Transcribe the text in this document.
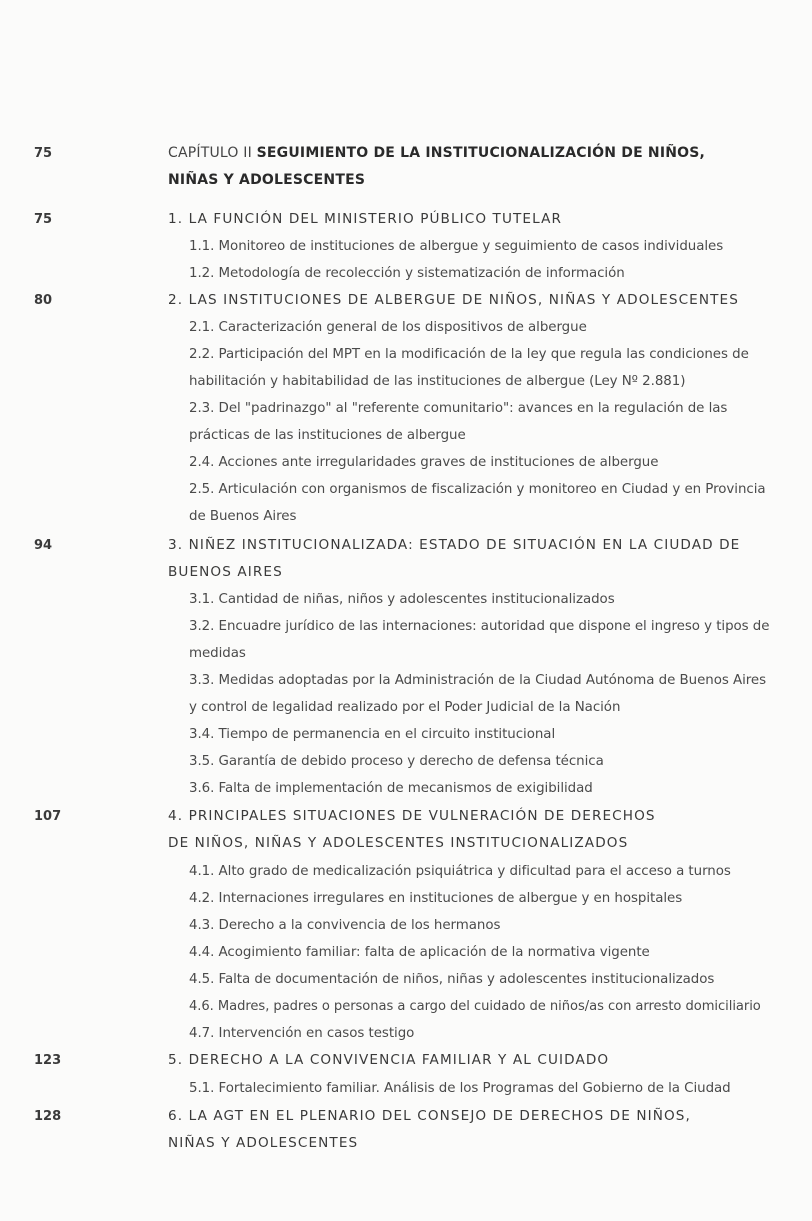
75	CAPÍTULO II SEGUIMIENTO DE LA INSTITUCIONALIZACIÓN DE NIÑOS,
NIÑAS Y ADOLESCENTES
75	1. LA FUNCIÓN DEL MINISTERIO PÚBLICO TUTELAR
1.1. Monitoreo de instituciones de albergue y seguimiento de casos individuales
1.2. Metodología de recolección y sistematización de información
80	2. LAS INSTITUCIONES DE ALBERGUE DE NIÑOS, NIÑAS Y ADOLESCENTES
2.1. Caracterización general de los dispositivos de albergue
2.2. Participación del MPT en la modificación de la ley que regula las condiciones de
habilitación y habitabilidad de las instituciones de albergue (Ley Nº 2.881)
2.3. Del "padrinazgo" al "referente comunitario": avances en la regulación de las
prácticas de las instituciones de albergue
2.4. Acciones ante irregularidades graves de instituciones de albergue
2.5. Articulación con organismos de fiscalización y monitoreo en Ciudad y en Provincia
de Buenos Aires
94	3. NIÑEZ INSTITUCIONALIZADA: ESTADO DE SITUACIÓN EN LA CIUDAD DE
BUENOS AIRES
3.1. Cantidad de niñas, niños y adolescentes institucionalizados
3.2. Encuadre jurídico de las internaciones: autoridad que dispone el ingreso y tipos de
medidas
3.3. Medidas adoptadas por la Administración de la Ciudad Autónoma de Buenos Aires
y control de legalidad realizado por el Poder Judicial de la Nación
3.4. Tiempo de permanencia en el circuito institucional
3.5. Garantía de debido proceso y derecho de defensa técnica
3.6. Falta de implementación de mecanismos de exigibilidad
107	4. PRINCIPALES SITUACIONES DE VULNERACIÓN DE DERECHOS
DE NIÑOS, NIÑAS Y ADOLESCENTES INSTITUCIONALIZADOS
4.1. Alto grado de medicalización psiquiátrica y dificultad para el acceso a turnos
4.2. Internaciones irregulares en instituciones de albergue y en hospitales
4.3. Derecho a la convivencia de los hermanos
4.4. Acogimiento familiar: falta de aplicación de la normativa vigente
4.5. Falta de documentación de niños, niñas y adolescentes institucionalizados
4.6. Madres, padres o personas a cargo del cuidado de niños/as con arresto domiciliario
4.7. Intervención en casos testigo
123	5. DERECHO A LA CONVIVENCIA FAMILIAR Y AL CUIDADO
5.1. Fortalecimiento familiar. Análisis de los Programas del Gobierno de la Ciudad
128	6. LA AGT EN EL PLENARIO DEL CONSEJO DE DERECHOS DE NIÑOS,
NIÑAS Y ADOLESCENTES
